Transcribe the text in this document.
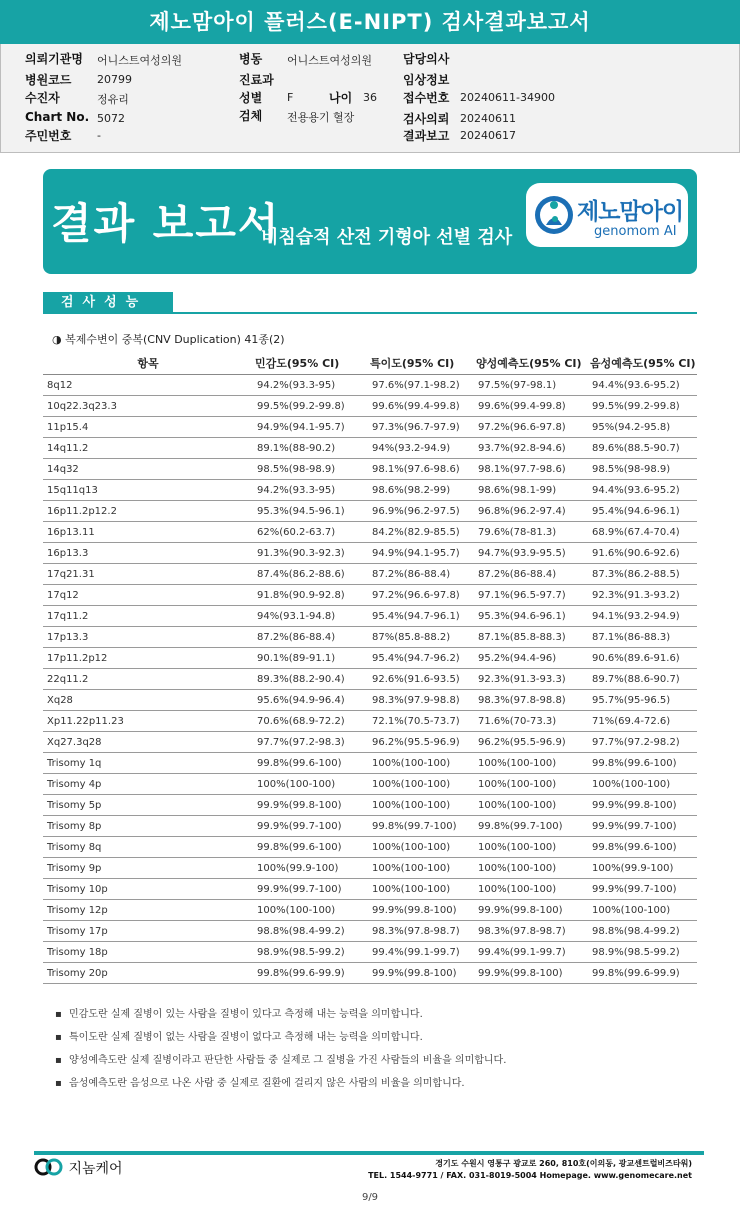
제노맘아이 플러스(E-NIPT) 검사결과보고서
의뢰기관명 어니스트여성의원
병원코드 20799
수진자	정유리
Chart No. 5072
주민번호 -
병동 어니스트여성의원
진료과
성별 F	나이 36
검체 전용용기 혈장
담당의사
임상정보
접수번호 20240611-34900
검사의뢰 20240611
결과보고 20240617
결과 보고서
비침습적 산전 기형아 선별 검사
제노맘아이
genomom AI
검사성능
◑ 복제수변이 중복(CNV Duplication) 41종(2)
항목	민감도(95% CI)	특이도(95% CI)	양성예측도(95% CI)	음성예측도(95% CI)
8q12	94.2%(93.3-95)	97.6%(97.1-98.2)	97.5%(97-98.1)	94.4%(93.6-95.2)
10q22.3q23.3	99.5%(99.2-99.8)	99.6%(99.4-99.8)	99.6%(99.4-99.8)	99.5%(99.2-99.8)
11p15.4	94.9%(94.1-95.7)	97.3%(96.7-97.9)	97.2%(96.6-97.8)	95%(94.2-95.8)
14q11.2	89.1%(88-90.2)	94%(93.2-94.9)	93.7%(92.8-94.6)	89.6%(88.5-90.7)
14q32	98.5%(98-98.9)	98.1%(97.6-98.6)	98.1%(97.7-98.6)	98.5%(98-98.9)
15q11q13	94.2%(93.3-95)	98.6%(98.2-99)	98.6%(98.1-99)	94.4%(93.6-95.2)
16p11.2p12.2	95.3%(94.5-96.1)	96.9%(96.2-97.5)	96.8%(96.2-97.4)	95.4%(94.6-96.1)
16p13.11	62%(60.2-63.7)	84.2%(82.9-85.5)	79.6%(78-81.3)	68.9%(67.4-70.4)
16p13.3	91.3%(90.3-92.3)	94.9%(94.1-95.7)	94.7%(93.9-95.5)	91.6%(90.6-92.6)
17q21.31	87.4%(86.2-88.6)	87.2%(86-88.4)	87.2%(86-88.4)	87.3%(86.2-88.5)
17q12	91.8%(90.9-92.8)	97.2%(96.6-97.8)	97.1%(96.5-97.7)	92.3%(91.3-93.2)
17q11.2	94%(93.1-94.8)	95.4%(94.7-96.1)	95.3%(94.6-96.1)	94.1%(93.2-94.9)
17p13.3	87.2%(86-88.4)	87%(85.8-88.2)	87.1%(85.8-88.3)	87.1%(86-88.3)
17p11.2p12	90.1%(89-91.1)	95.4%(94.7-96.2)	95.2%(94.4-96)	90.6%(89.6-91.6)
22q11.2	89.3%(88.2-90.4)	92.6%(91.6-93.5)	92.3%(91.3-93.3)	89.7%(88.6-90.7)
Xq28	95.6%(94.9-96.4)	98.3%(97.9-98.8)	98.3%(97.8-98.8)	95.7%(95-96.5)
Xp11.22p11.23	70.6%(68.9-72.2)	72.1%(70.5-73.7)	71.6%(70-73.3)	71%(69.4-72.6)
Xq27.3q28	97.7%(97.2-98.3)	96.2%(95.5-96.9)	96.2%(95.5-96.9)	97.7%(97.2-98.2)
Trisomy 1q	99.8%(99.6-100)	100%(100-100)	100%(100-100)	99.8%(99.6-100)
Trisomy 4p	100%(100-100)	100%(100-100)	100%(100-100)	100%(100-100)
Trisomy 5p	99.9%(99.8-100)	100%(100-100)	100%(100-100)	99.9%(99.8-100)
Trisomy 8p	99.9%(99.7-100)	99.8%(99.7-100)	99.8%(99.7-100)	99.9%(99.7-100)
Trisomy 8q	99.8%(99.6-100)	100%(100-100)	100%(100-100)	99.8%(99.6-100)
Trisomy 9p	100%(99.9-100)	100%(100-100)	100%(100-100)	100%(99.9-100)
Trisomy 10p	99.9%(99.7-100)	100%(100-100)	100%(100-100)	99.9%(99.7-100)
Trisomy 12p	100%(100-100)	99.9%(99.8-100)	99.9%(99.8-100)	100%(100-100)
Trisomy 17p	98.8%(98.4-99.2)	98.3%(97.8-98.7)	98.3%(97.8-98.7)	98.8%(98.4-99.2)
Trisomy 18p	98.9%(98.5-99.2)	99.4%(99.1-99.7)	99.4%(99.1-99.7)	98.9%(98.5-99.2)
Trisomy 20p	99.8%(99.6-99.9)	99.9%(99.8-100)	99.9%(99.8-100)	99.8%(99.6-99.9)
▪ 민감도란 실제 질병이 있는 사람을 질병이 있다고 측정해 내는 능력을 의미합니다.
▪ 특이도란 실제 질병이 없는 사람을 질병이 없다고 측정해 내는 능력을 의미합니다.
▪ 양성예측도란 실제 질병이라고 판단한 사람들 중 실제로 그 질병을 가진 사람들의 비율을 의미합니다.
▪ 음성예측도란 음성으로 나온 사람 중 실제로 질환에 걸리지 않은 사람의 비율을 의미합니다.
지놈케어	경기도 수원시 영통구 광교로 260, 810호(이의동, 광교센트럴비즈타워)
TEL. 1544-9771 / FAX. 031-8019-5004 Homepage. www.genomecare.net
9/9
